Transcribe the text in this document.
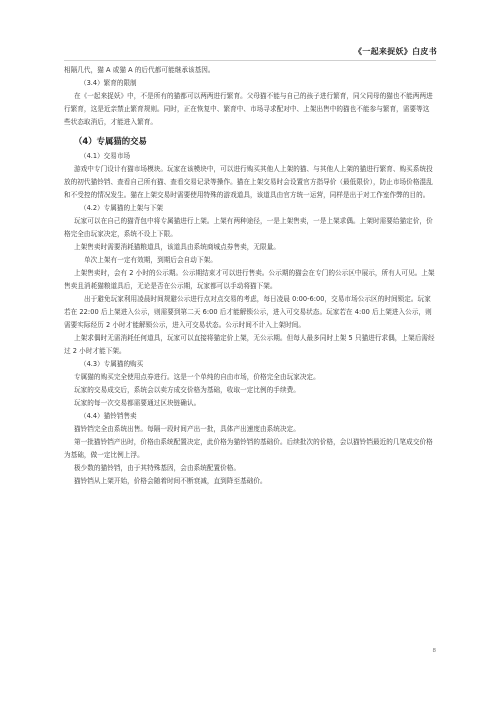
《一起来捉妖》白皮书

相隔几代，猫 A 或猫 A 的后代都可能继承该基因。

（3.4）繁育的限制

在《一起来捉妖》中，不是所有的猫都可以两两进行繁育。父母猫不能与自己的孩子进行繁育，同父同母的猫也不能两两进行繁育，这是近亲禁止繁育规则。同时，正在恢复中、繁育中、市场寻求配对中、上架出售中的猫也不能参与繁育，需要等这些状态取消后，才能进入繁育。

（4）专属猫的交易

（4.1）交易市场

游戏中专门设计有猫市场模块。玩家在该模块中，可以进行购买其他人上架的猫、与其他人上架的猫进行繁育、购买系统投放的初代猫铃铛、查看自己所有猫、查看交易记录等操作。猫在上架交易时会设置官方指导价（最低限价），防止市场价格混乱和不受控的情况发生。猫在上架交易时需要使用特殊的游戏道具，该道具由官方统一运营，同样是出于对工作室作弊的目的。

（4.2）专属猫的上架与下架

玩家可以在自己的猫背包中将专属猫进行上架。上架有两种途径，一是上架售卖，一是上架求偶。上架时需要给猫定价，价格完全由玩家决定，系统不设上下限。

上架售卖时需要消耗猫粮道具，该道具由系统商城点券售卖，无限量。

单次上架有一定有效期，到期后会自动下架。

上架售卖时，会有 2 小时的公示期。公示期结束才可以进行售卖。公示期的猫会在专门的公示区中展示，所有人可见。上架售卖且消耗猫粮道具后，无论是否在公示期，玩家都可以手动将猫下架。

出于避免玩家利用凌晨时间规避公示进行点对点交易的考虑，每日凌晨 0:00-6:00，交易市场公示区的时间锁定。玩家若在 22:00 后上架进入公示，则需要到第二天 6:00 后才能解锁公示，进入可交易状态。玩家若在 4:00 后上架进入公示，则需要实际经历 2 小时才能解锁公示，进入可交易状态。公示时间不计入上架时间。

上架求偶时无需消耗任何道具，玩家可以直接将猫定价上架，无公示期。但每人最多同时上架 5 只猫进行求偶，上架后需经过 2 小时才能下架。

（4.3）专属猫的购买

专属猫的购买完全使用点券进行。这是一个单纯的自由市场，价格完全由玩家决定。

玩家的交易成交后，系统会以卖方成交价格为基础，收取一定比例的手续费。

玩家的每一次交易都需要通过区块链确认。

（4.4）猫铃铛售卖

猫铃铛完全由系统出售。每隔一段时间产出一批，具体产出速度由系统决定。

第一批猫铃铛产出时，价格由系统配置决定，此价格为猫铃铛的基础价。后续批次的价格，会以猫铃铛最近的几笔成交价格为基础，做一定比例上浮。

极少数的猫铃铛，由于其特殊基因，会由系统配置价格。

猫铃铛从上架开始，价格会随着时间不断衰减，直到降至基础价。

8
